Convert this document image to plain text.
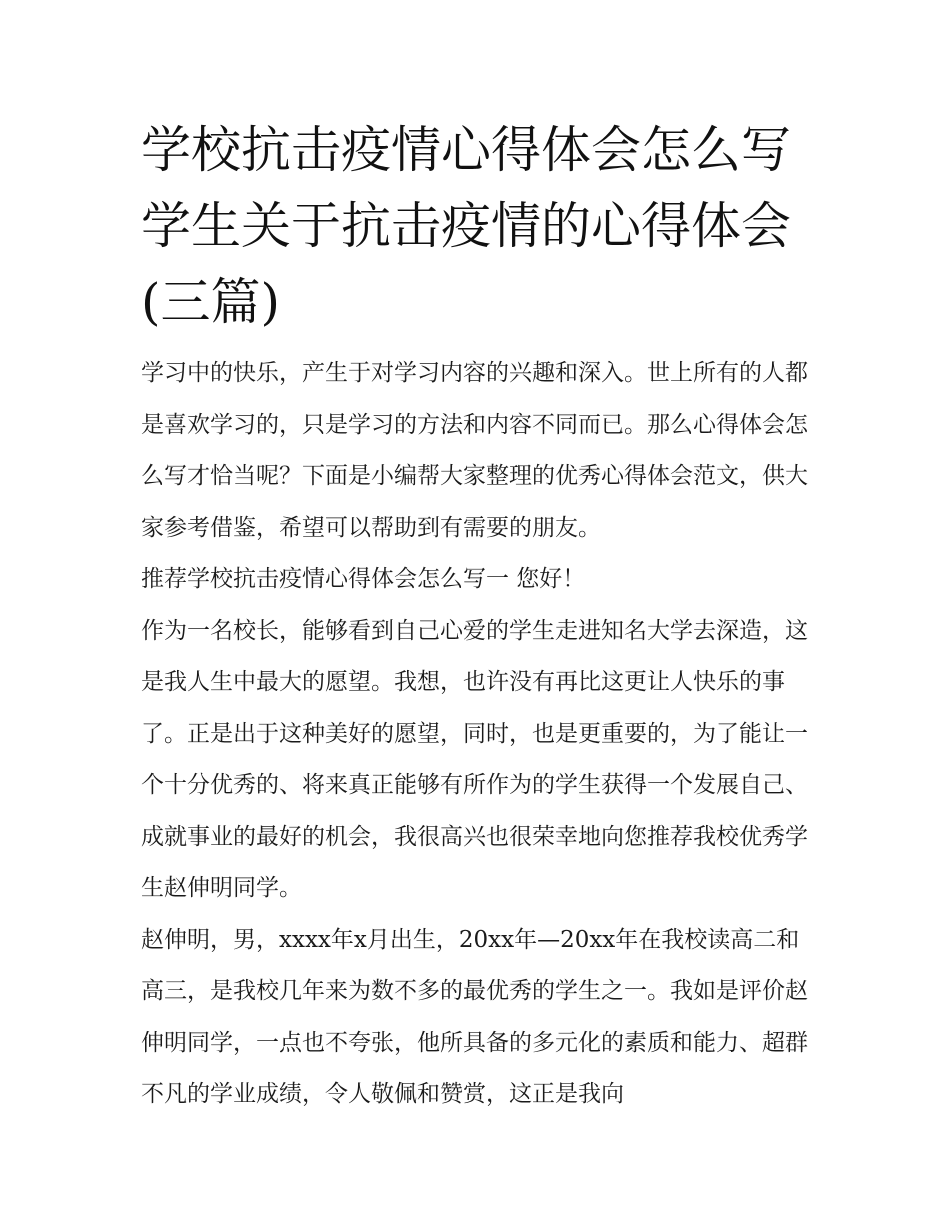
学校抗击疫情心得体会怎么写
学生关于抗击疫情的心得体会
(三篇)

学习中的快乐，产生于对学习内容的兴趣和深入。世上所有的人都是喜欢学习的，只是学习的方法和内容不同而已。那么心得体会怎么写才恰当呢？下面是小编帮大家整理的优秀心得体会范文，供大家参考借鉴，希望可以帮助到有需要的朋友。

推荐学校抗击疫情心得体会怎么写一 您好！

作为一名校长，能够看到自己心爱的学生走进知名大学去深造，这是我人生中最大的愿望。我想，也许没有再比这更让人快乐的事了。正是出于这种美好的愿望，同时，也是更重要的，为了能让一个十分优秀的、将来真正能够有所作为的学生获得一个发展自己、成就事业的最好的机会，我很高兴也很荣幸地向您推荐我校优秀学生赵伸明同学。

赵伸明，男，xxxx年x月出生，20xx年—20xx年在我校读高二和高三，是我校几年来为数不多的最优秀的学生之一。我如是评价赵伸明同学，一点也不夸张，他所具备的多元化的素质和能力、超群不凡的学业成绩，令人敬佩和赞赏，这正是我向
